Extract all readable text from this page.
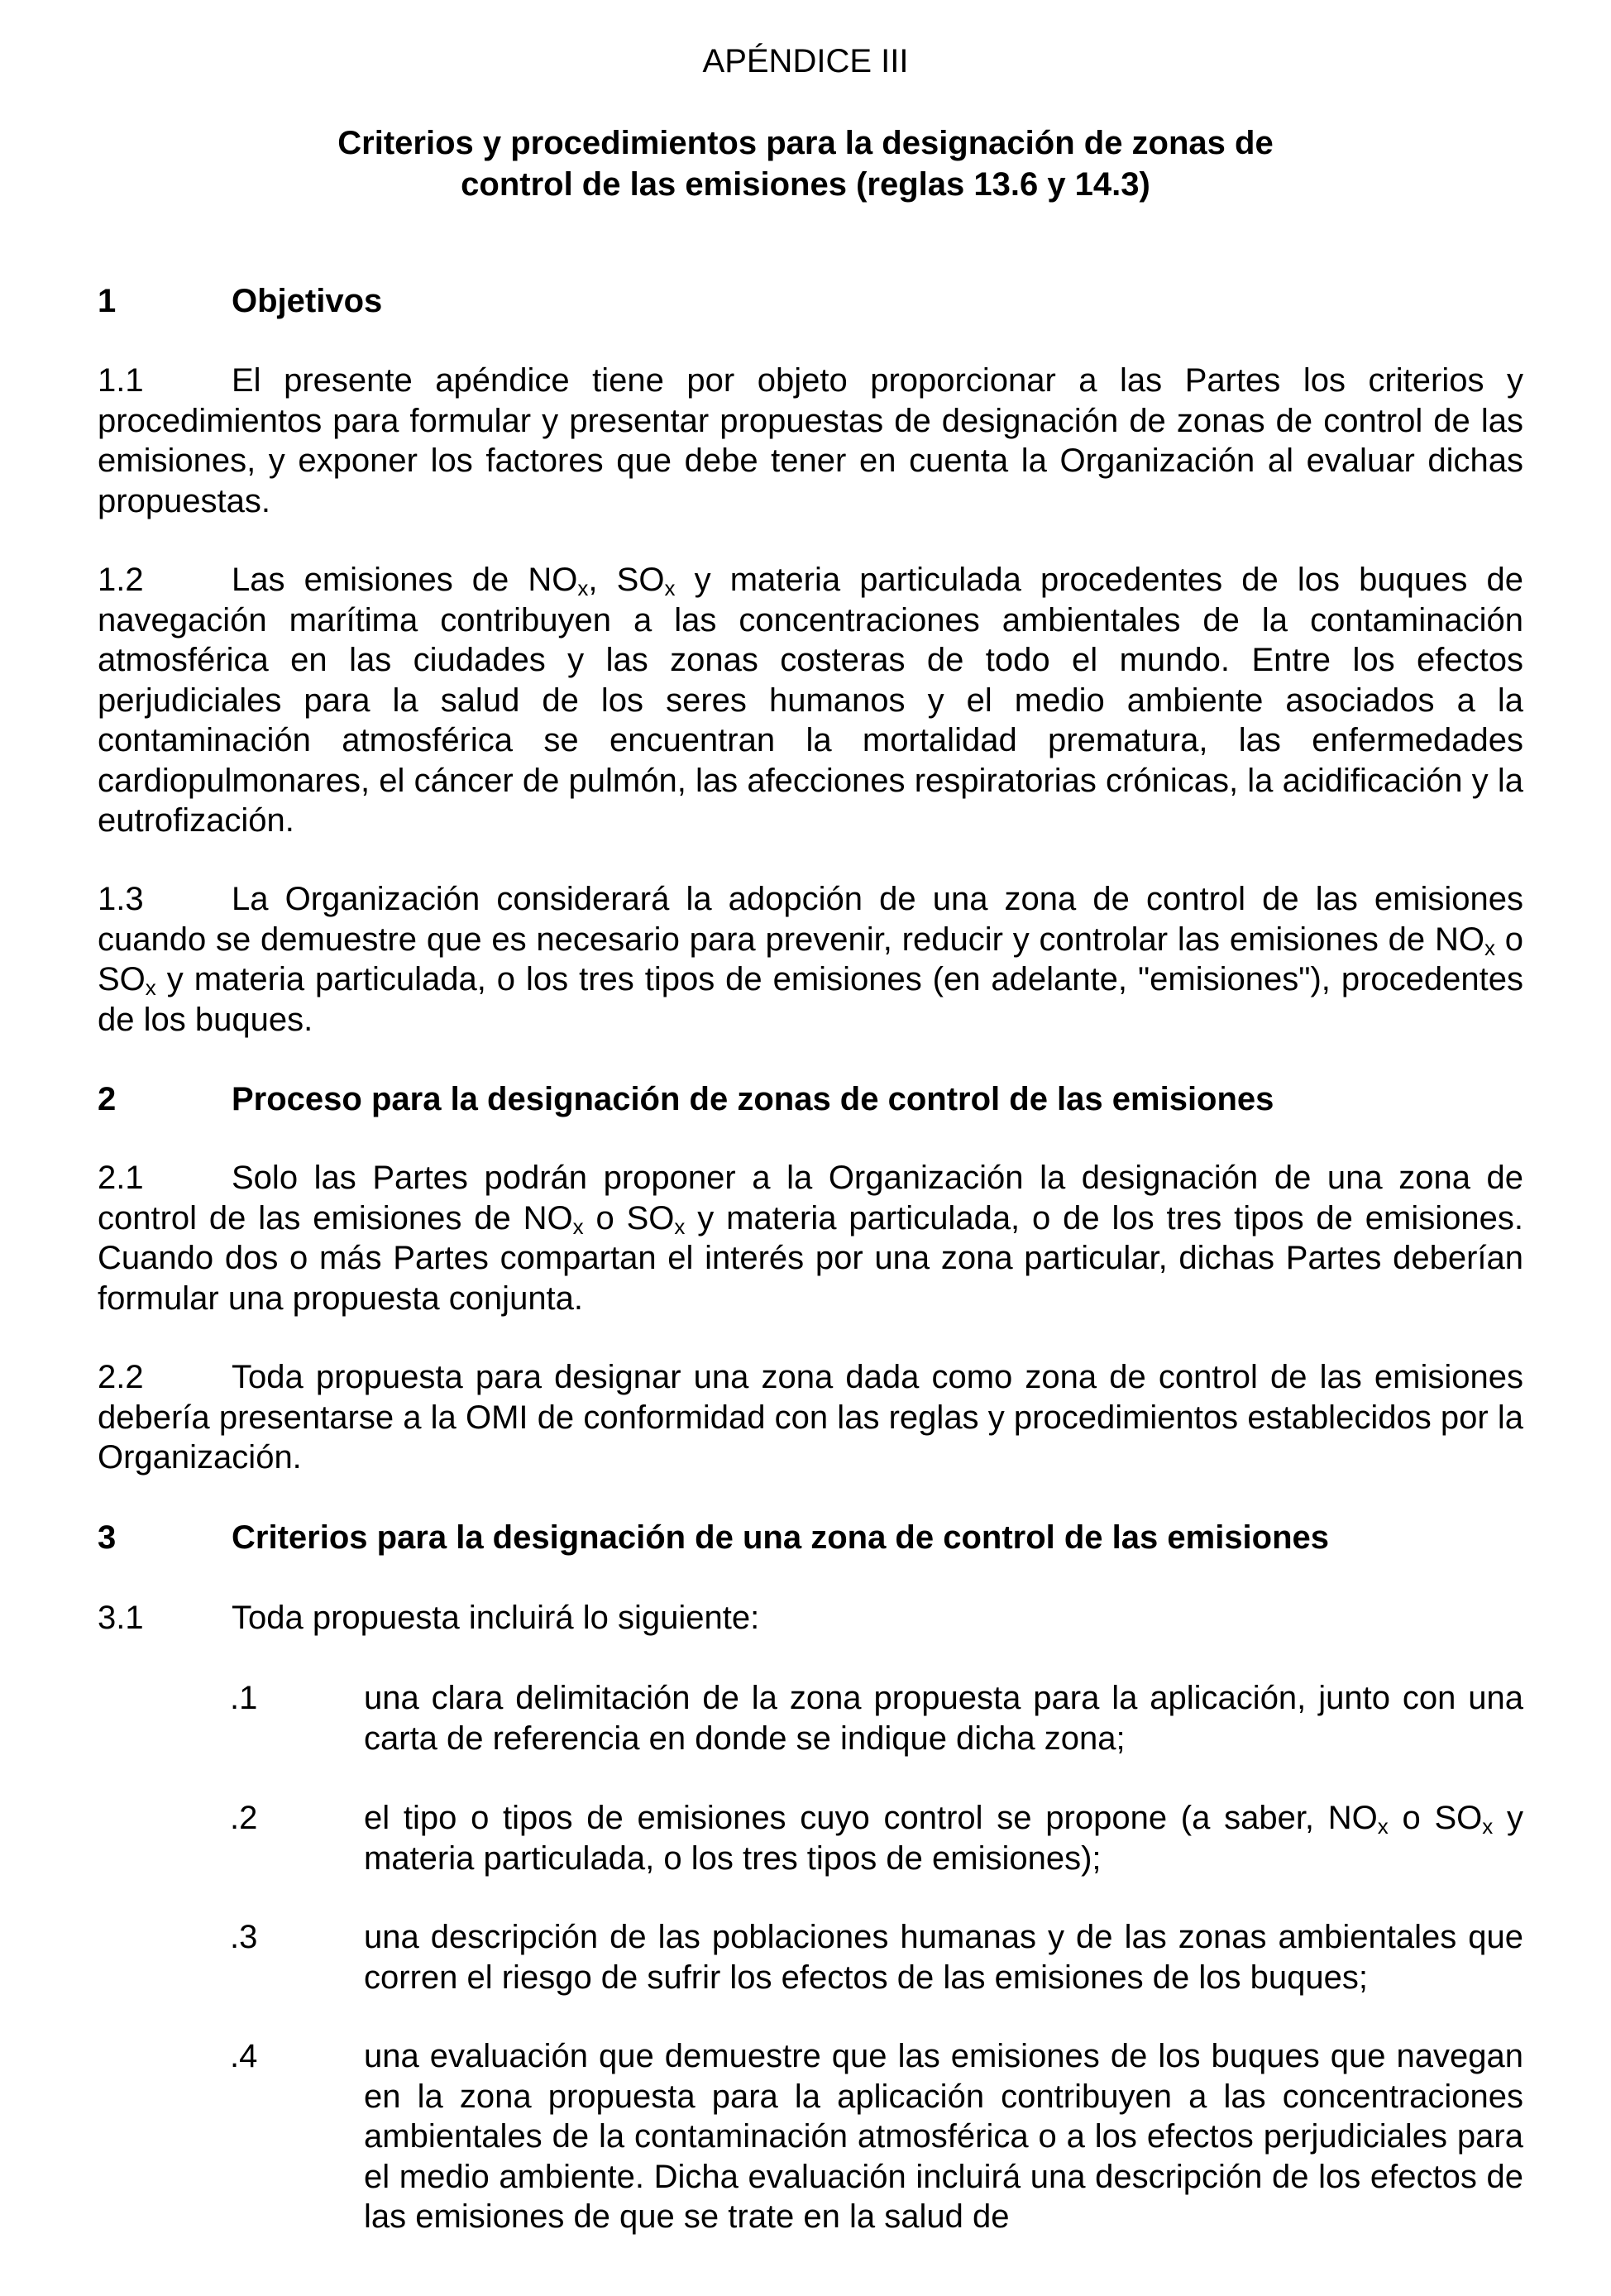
APÉNDICE III
Criterios y procedimientos para la designación de zonas de
control de las emisiones (reglas 13.6 y 14.3)
1	Objetivos
1.1	El presente apéndice tiene por objeto proporcionar a las Partes los criterios y procedimientos para formular y presentar propuestas de designación de zonas de control de las emisiones, y exponer los factores que debe tener en cuenta la Organización al evaluar dichas propuestas.
1.2	Las emisiones de $NO_x$, $SO_x$ y materia particulada procedentes de los buques de navegación marítima contribuyen a las concentraciones ambientales de la contaminación atmosférica en las ciudades y las zonas costeras de todo el mundo. Entre los efectos perjudiciales para la salud de los seres humanos y el medio ambiente asociados a la contaminación atmosférica se encuentran la mortalidad prematura, las enfermedades cardiopulmonares, el cáncer de pulmón, las afecciones respiratorias crónicas, la acidificación y la eutrofización.
1.3	La Organización considerará la adopción de una zona de control de las emisiones cuando se demuestre que es necesario para prevenir, reducir y controlar las emisiones de $NO_x$ o $SO_x$ y materia particulada, o los tres tipos de emisiones (en adelante, "emisiones"), procedentes de los buques.
2	Proceso para la designación de zonas de control de las emisiones
2.1	Solo las Partes podrán proponer a la Organización la designación de una zona de control de las emisiones de $NO_x$ o $SO_x$ y materia particulada, o de los tres tipos de emisiones. Cuando dos o más Partes compartan el interés por una zona particular, dichas Partes deberían formular una propuesta conjunta.
2.2	Toda propuesta para designar una zona dada como zona de control de las emisiones debería presentarse a la OMI de conformidad con las reglas y procedimientos establecidos por la Organización.
3	Criterios para la designación de una zona de control de las emisiones
3.1	Toda propuesta incluirá lo siguiente:
.1	una clara delimitación de la zona propuesta para la aplicación, junto con una carta de referencia en donde se indique dicha zona;
.2	el tipo o tipos de emisiones cuyo control se propone (a saber, $NO_x$ o $SO_x$ y materia particulada, o los tres tipos de emisiones);
.3	una descripción de las poblaciones humanas y de las zonas ambientales que corren el riesgo de sufrir los efectos de las emisiones de los buques;
.4	una evaluación que demuestre que las emisiones de los buques que navegan en la zona propuesta para la aplicación contribuyen a las concentraciones ambientales de la contaminación atmosférica o a los efectos perjudiciales para el medio ambiente. Dicha evaluación incluirá una descripción de los efectos de las emisiones de que se trate en la salud de
